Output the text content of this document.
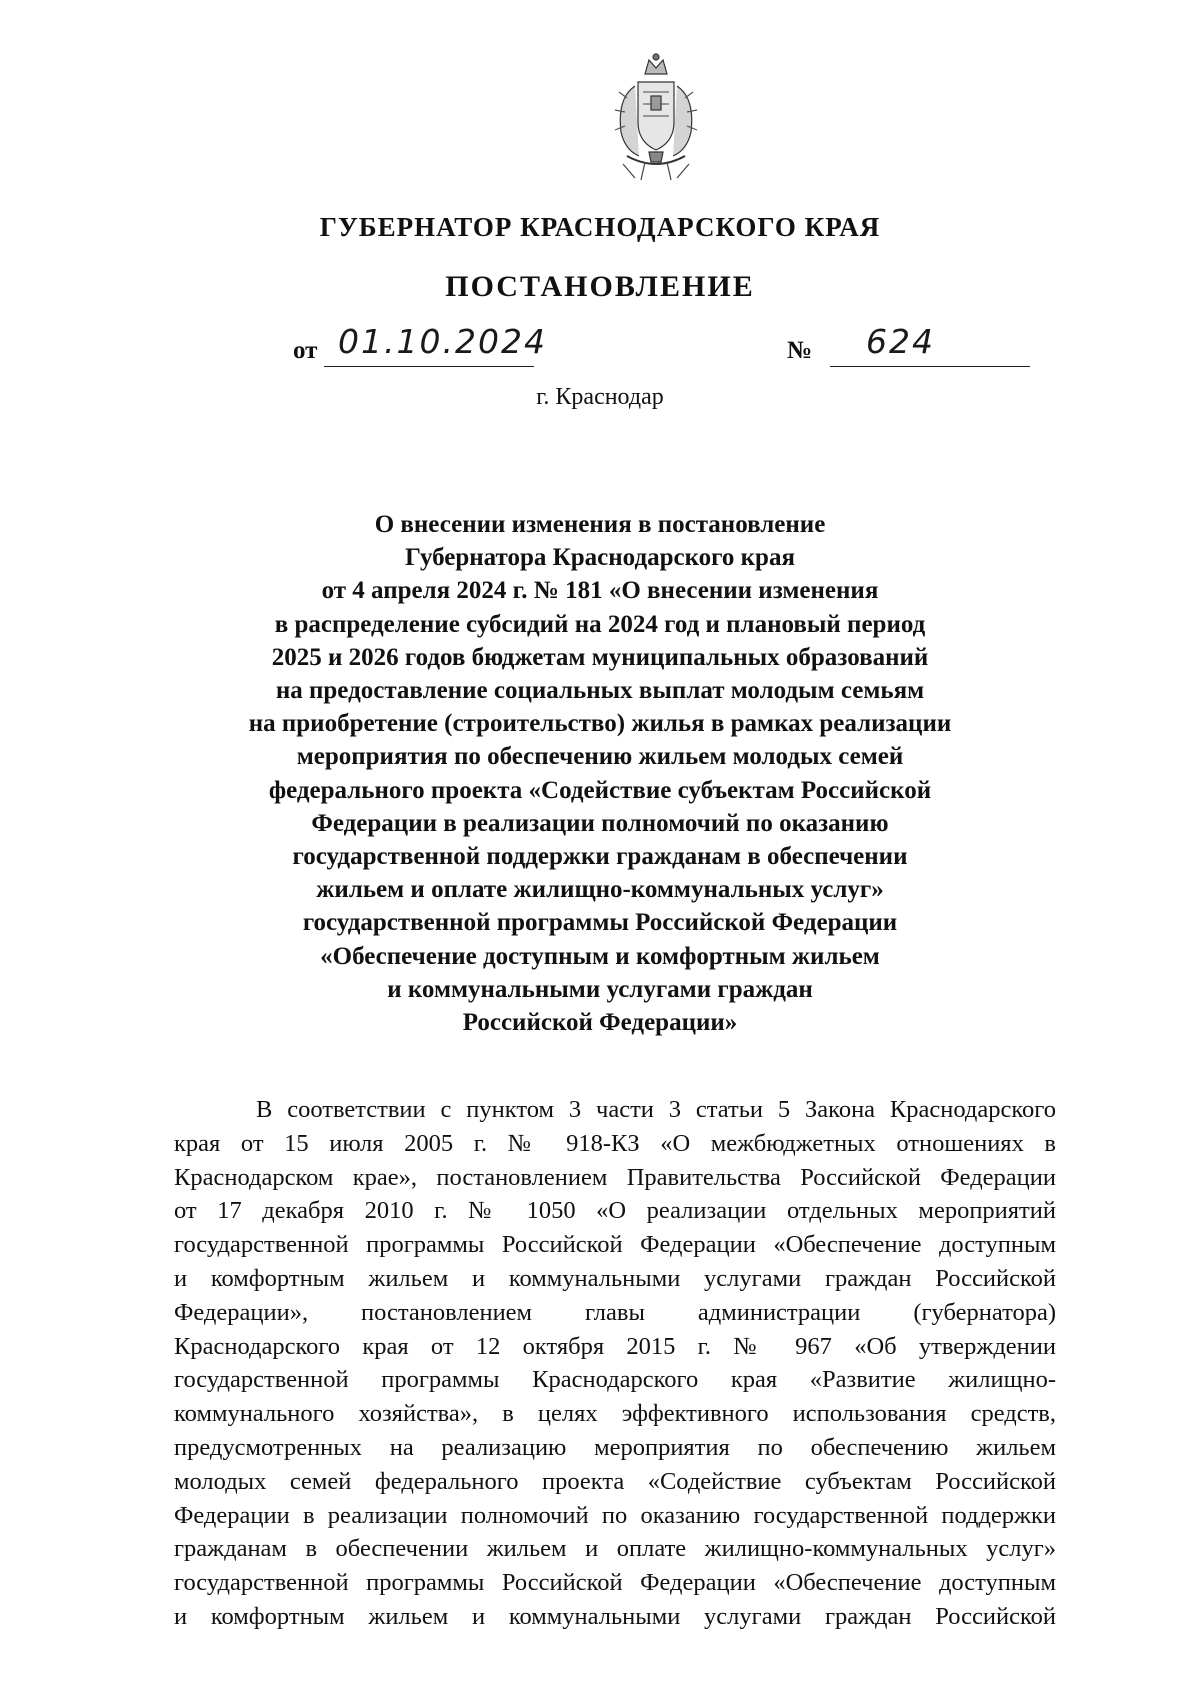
ГУБЕРНАТОР КРАСНОДАРСКОГО КРАЯ
ПОСТАНОВЛЕНИЕ
от 01.10.2024	№ 624
г. Краснодар
О внесении изменения в постановление
Губернатора Краснодарского края
от 4 апреля 2024 г. № 181 «О внесении изменения
в распределение субсидий на 2024 год и плановый период
2025 и 2026 годов бюджетам муниципальных образований
на предоставление социальных выплат молодым семьям
на приобретение (строительство) жилья в рамках реализации
мероприятия по обеспечению жильем молодых семей
федерального проекта «Содействие субъектам Российской
Федерации в реализации полномочий по оказанию
государственной поддержки гражданам в обеспечении
жильем и оплате жилищно-коммунальных услуг»
государственной программы Российской Федерации
«Обеспечение доступным и комфортным жильем
и коммунальными услугами граждан
Российской Федерации»
В соответствии с пунктом 3 части 3 статьи 5 Закона Краснодарского
края от 15 июля 2005 г. № 918-КЗ «О межбюджетных отношениях в
Краснодарском крае», постановлением Правительства Российской Федерации
от 17 декабря 2010 г. № 1050 «О реализации отдельных мероприятий
государственной программы Российской Федерации «Обеспечение доступным
и комфортным жильем и коммунальными услугами граждан Российской
Федерации», постановлением главы администрации (губернатора)
Краснодарского края от 12 октября 2015 г. № 967 «Об утверждении
государственной программы Краснодарского края «Развитие жилищно-
коммунального хозяйства», в целях эффективного использования средств,
предусмотренных на реализацию мероприятия по обеспечению жильем
молодых семей федерального проекта «Содействие субъектам Российской
Федерации в реализации полномочий по оказанию государственной поддержки
гражданам в обеспечении жильем и оплате жилищно-коммунальных услуг»
государственной программы Российской Федерации «Обеспечение доступным
и комфортным жильем и коммунальными услугами граждан Российской
